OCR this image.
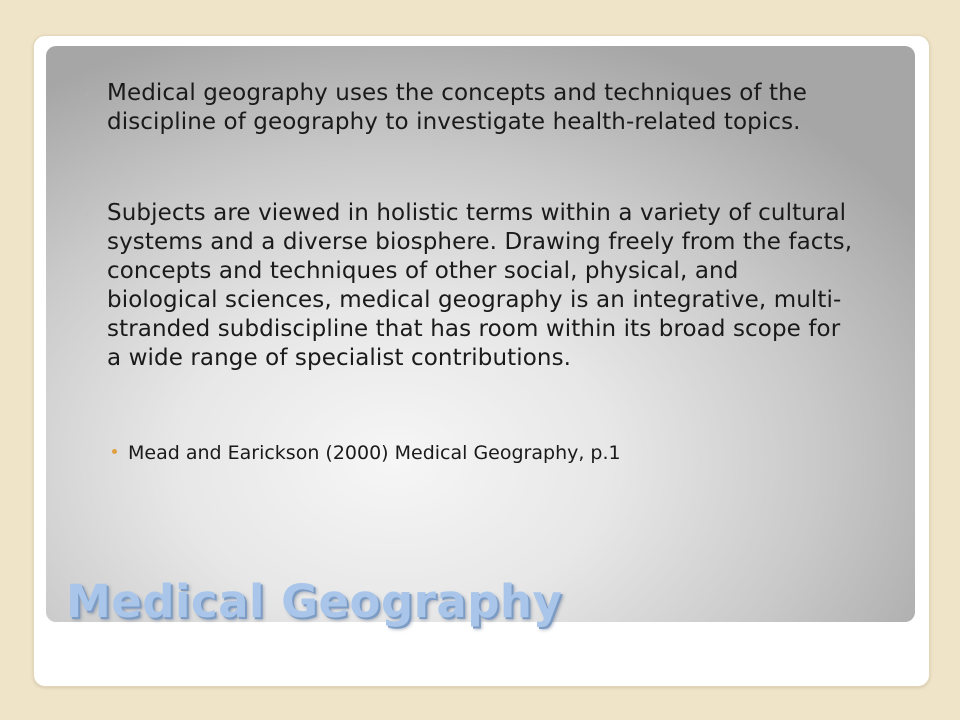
◦ Medical geography uses the concepts and techniques of the discipline of geography to investigate health-related topics.
◦ Subjects are viewed in holistic terms within a variety of cultural systems and a diverse biosphere. Drawing freely from the facts, concepts and techniques of other social, physical, and biological sciences, medical geography is an integrative, multi-stranded subdiscipline that has room within its broad scope for a wide range of specialist contributions.
Mead and Earickson (2000) Medical Geography, p.1
Medical Geography
